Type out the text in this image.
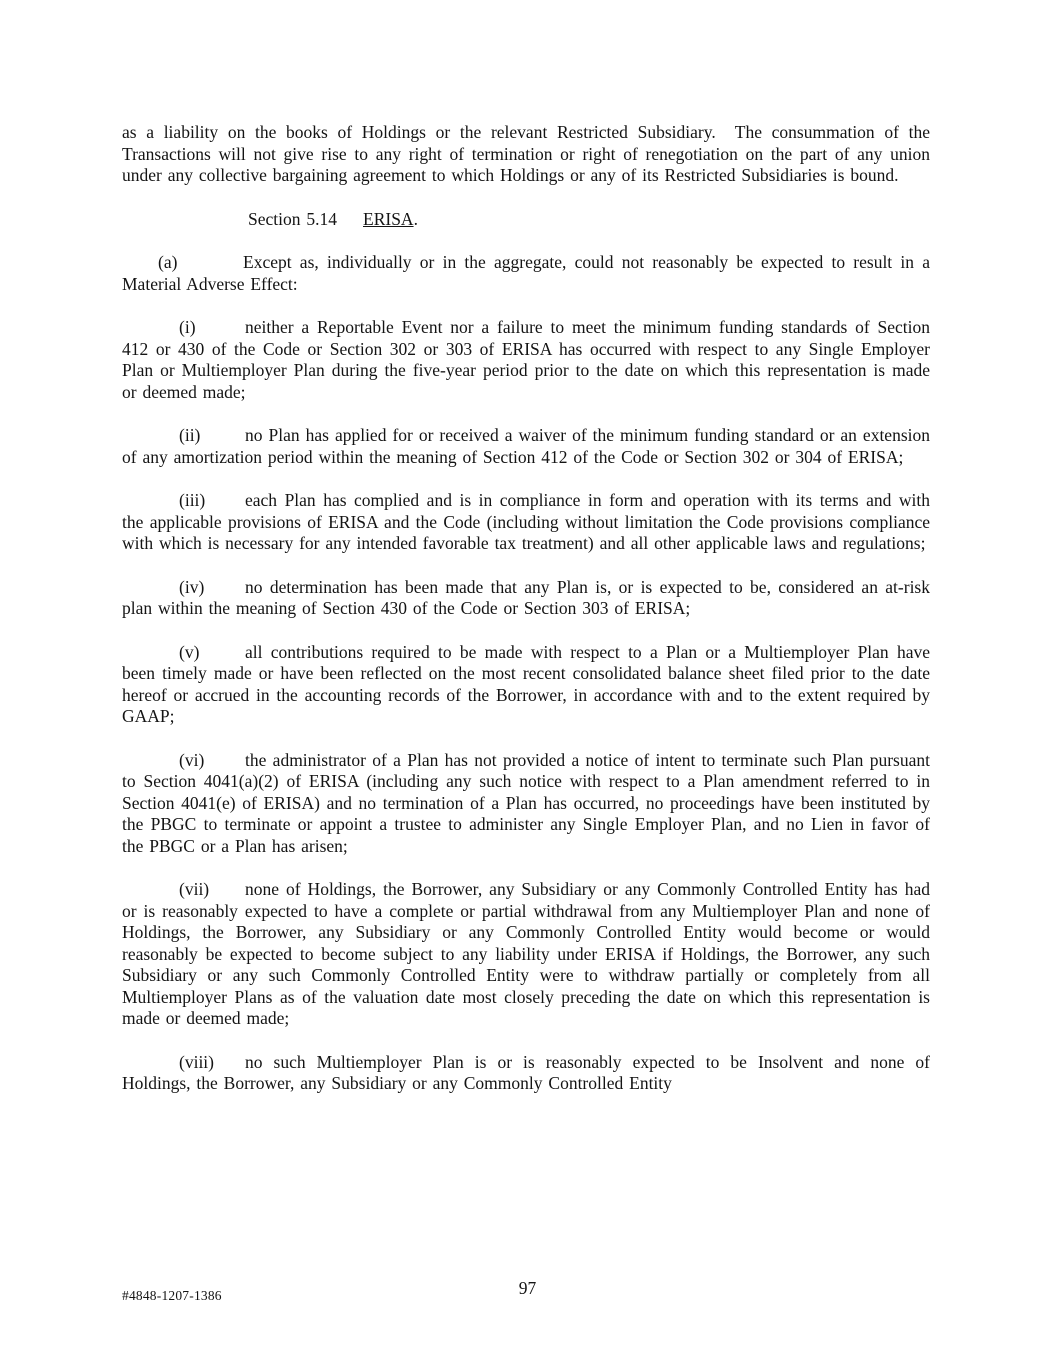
as a liability on the books of Holdings or the relevant Restricted Subsidiary.  The consummation of the Transactions will not give rise to any right of termination or right of renegotiation on the part of any union under any collective bargaining agreement to which Holdings or any of its Restricted Subsidiaries is bound.

Section 5.14 ERISA.

(a)	Except as, individually or in the aggregate, could not reasonably be expected to result in a Material Adverse Effect:

(i)	neither a Reportable Event nor a failure to meet the minimum funding standards of Section 412 or 430 of the Code or Section 302 or 303 of ERISA has occurred with respect to any Single Employer Plan or Multiemployer Plan during the five-year period prior to the date on which this representation is made or deemed made;

(ii)	no Plan has applied for or received a waiver of the minimum funding standard or an extension of any amortization period within the meaning of Section 412 of the Code or Section 302 or 304 of ERISA;

(iii) each Plan has complied and is in compliance in form and operation with its terms and with the applicable provisions of ERISA and the Code (including without limitation the Code provisions compliance with which is necessary for any intended favorable tax treatment) and all other applicable laws and regulations;

(iv) no determination has been made that any Plan is, or is expected to be, considered an at-risk plan within the meaning of Section 430 of the Code or Section 303 of ERISA;

(v)	all contributions required to be made with respect to a Plan or a Multiemployer Plan have been timely made or have been reflected on the most recent consolidated balance sheet filed prior to the date hereof or accrued in the accounting records of the Borrower, in accordance with and to the extent required by GAAP;

(vi) the administrator of a Plan has not provided a notice of intent to terminate such Plan pursuant to Section 4041(a)(2) of ERISA (including any such notice with respect to a Plan amendment referred to in Section 4041(e) of ERISA) and no termination of a Plan has occurred, no proceedings have been instituted by the PBGC to terminate or appoint a trustee to administer any Single Employer Plan, and no Lien in favor of the PBGC or a Plan has arisen;

(vii) none of Holdings, the Borrower, any Subsidiary or any Commonly Controlled Entity has had or is reasonably expected to have a complete or partial withdrawal from any Multiemployer Plan and none of Holdings, the Borrower, any Subsidiary or any Commonly Controlled Entity would become or would reasonably be expected to become subject to any liability under ERISA if Holdings, the Borrower, any such Subsidiary or any such Commonly Controlled Entity were to withdraw partially or completely from all Multiemployer Plans as of the valuation date most closely preceding the date on which this representation is made or deemed made;

(viii) no such Multiemployer Plan is or is reasonably expected to be Insolvent and none of Holdings, the Borrower, any Subsidiary or any Commonly Controlled Entity

#4848-1207-1386	97
